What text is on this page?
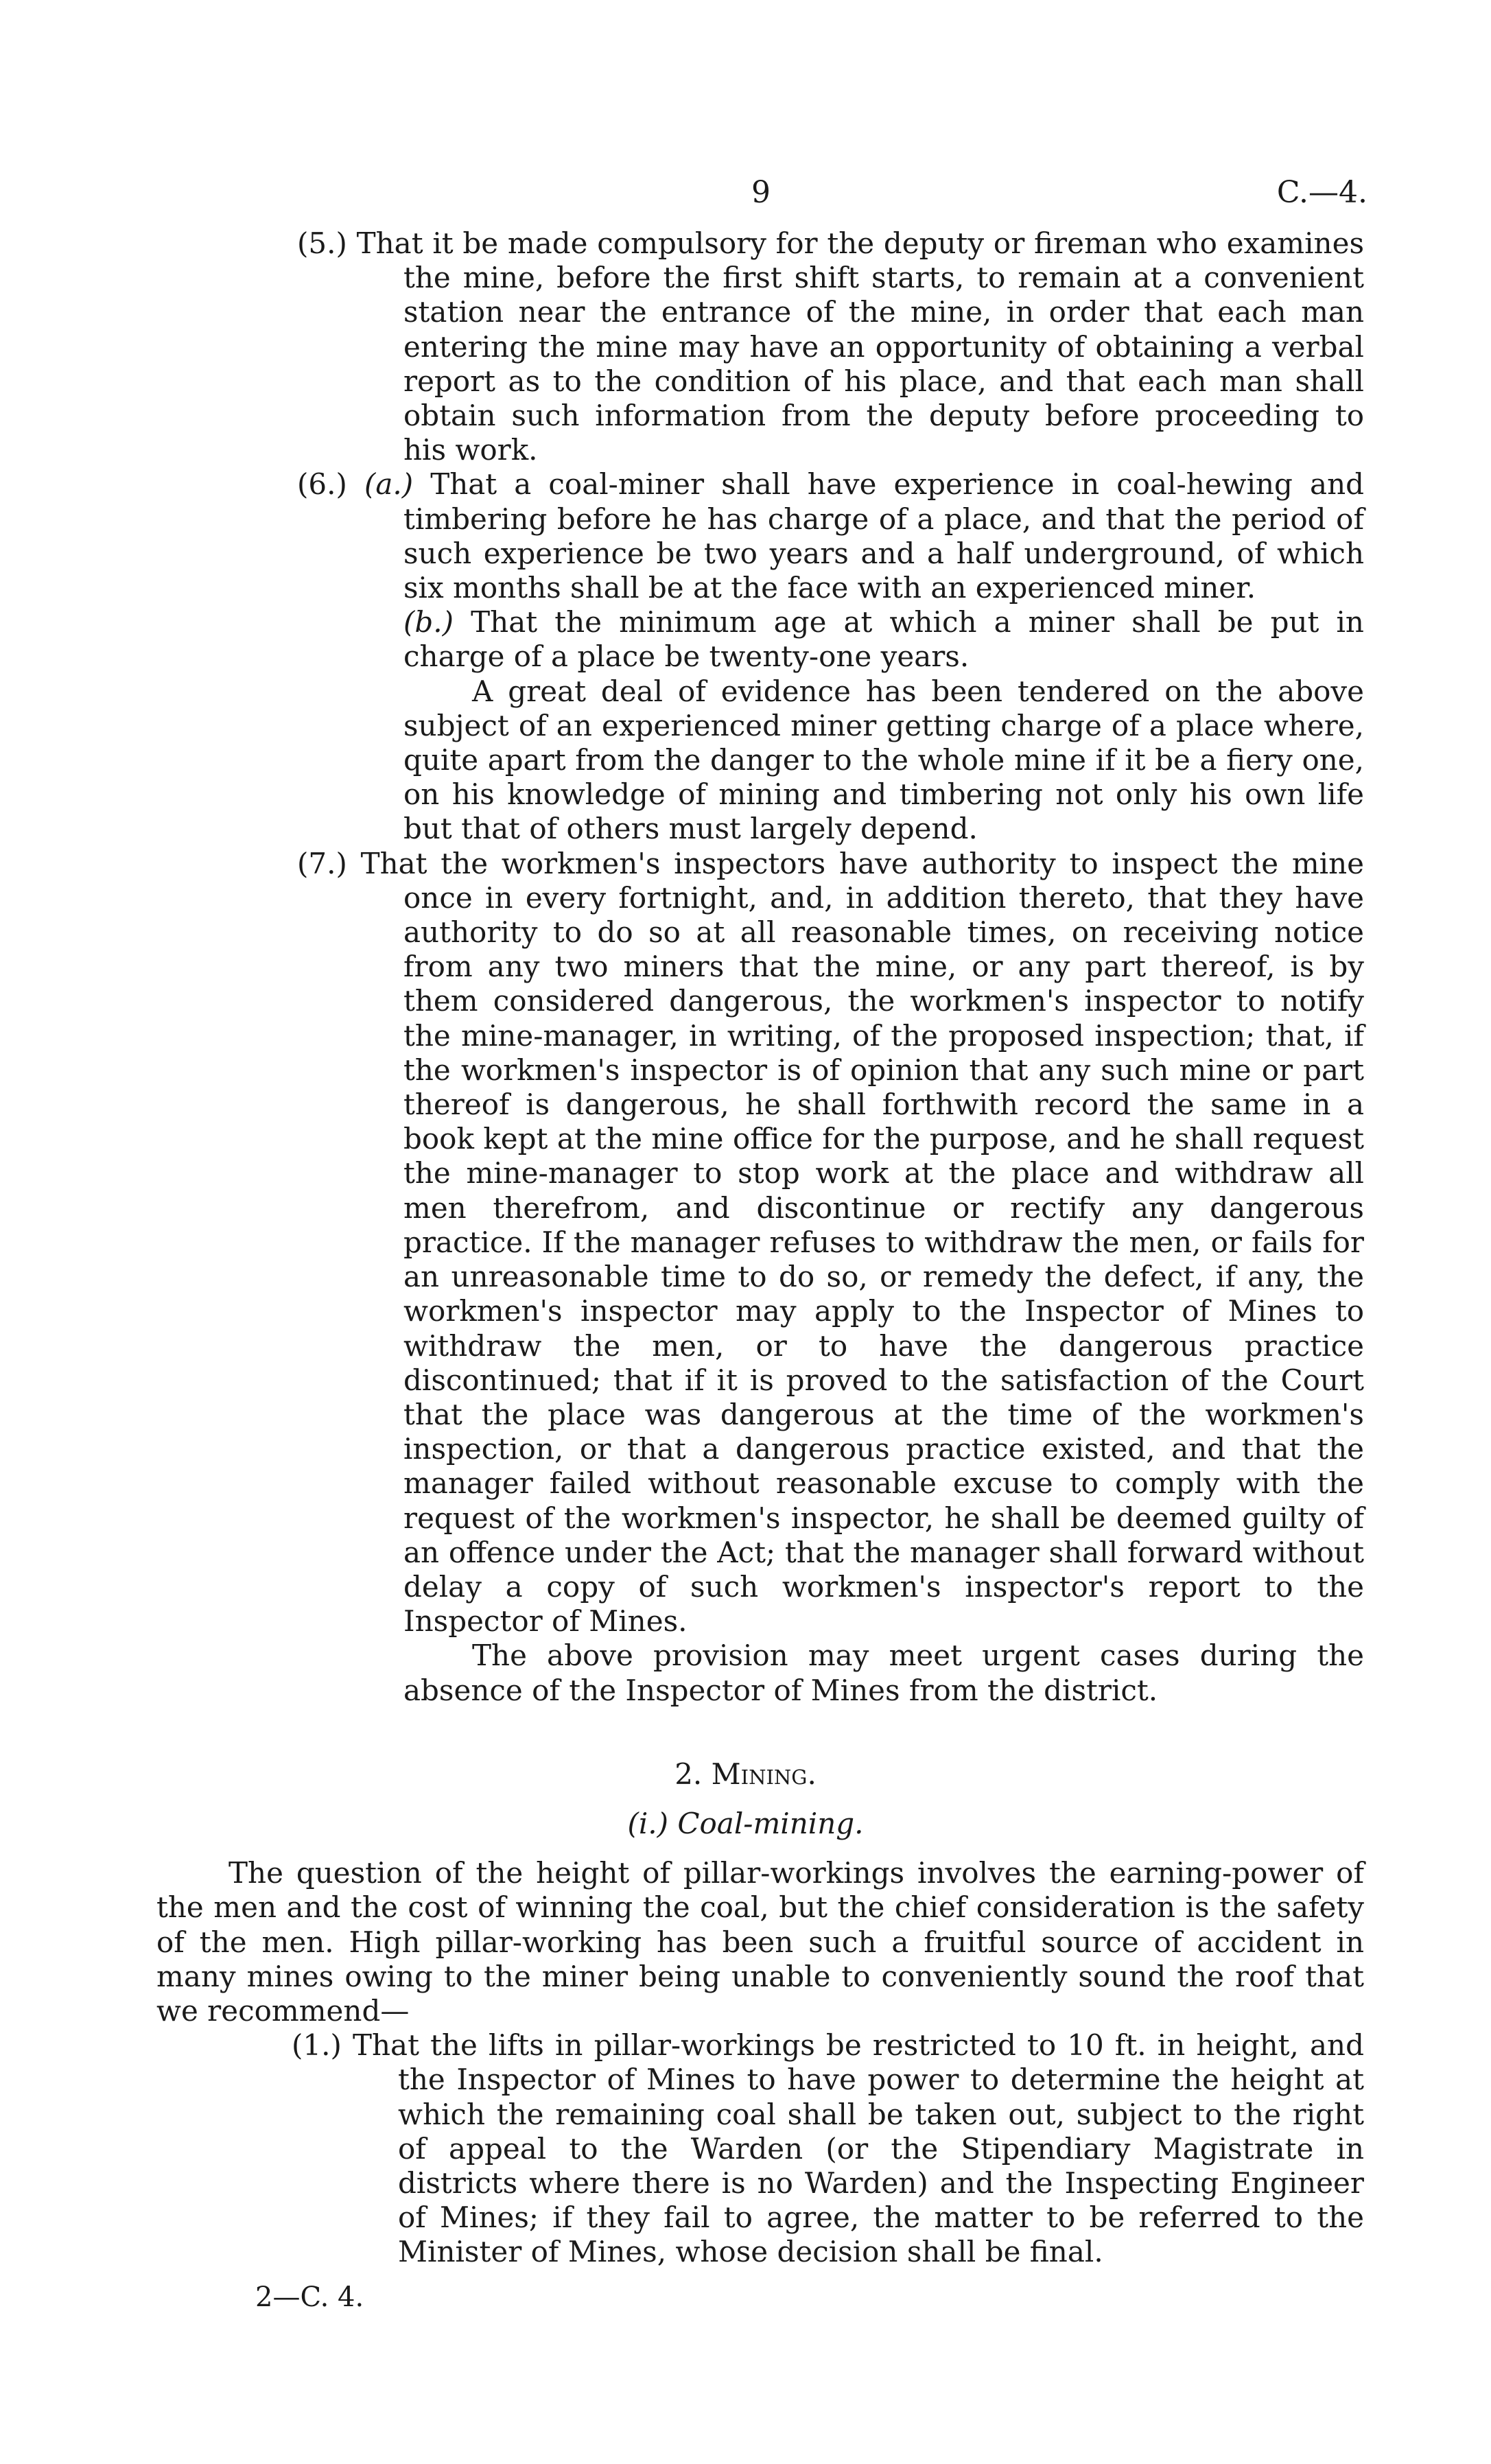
9	C.—4.

(5.) That it be made compulsory for the deputy or fireman who examines the mine, before the first shift starts, to remain at a convenient station near the entrance of the mine, in order that each man entering the mine may have an opportunity of obtaining a verbal report as to the condition of his place, and that each man shall obtain such information from the deputy before proceeding to his work.

(6.) (a.) That a coal-miner shall have experience in coal-hewing and timbering before he has charge of a place, and that the period of such experience be two years and a half underground, of which six months shall be at the face with an experienced miner.

(b.) That the minimum age at which a miner shall be put in charge of a place be twenty-one years.

A great deal of evidence has been tendered on the above subject of an experienced miner getting charge of a place where, quite apart from the danger to the whole mine if it be a fiery one, on his knowledge of mining and timbering not only his own life but that of others must largely depend.

(7.) That the workmen's inspectors have authority to inspect the mine once in every fortnight, and, in addition thereto, that they have authority to do so at all reasonable times, on receiving notice from any two miners that the mine, or any part thereof, is by them considered dangerous, the workmen's inspector to notify the mine-manager, in writing, of the proposed inspection; that, if the workmen's inspector is of opinion that any such mine or part thereof is dangerous, he shall forthwith record the same in a book kept at the mine office for the purpose, and he shall request the mine-manager to stop work at the place and withdraw all men therefrom, and discontinue or rectify any dangerous practice. If the manager refuses to withdraw the men, or fails for an unreasonable time to do so, or remedy the defect, if any, the workmen's inspector may apply to the Inspector of Mines to withdraw the men, or to have the dangerous practice discontinued; that if it is proved to the satisfaction of the Court that the place was dangerous at the time of the workmen's inspection, or that a dangerous practice existed, and that the manager failed without reasonable excuse to comply with the request of the workmen's inspector, he shall be deemed guilty of an offence under the Act; that the manager shall forward without delay a copy of such workmen's inspector's report to the Inspector of Mines.

The above provision may meet urgent cases during the absence of the Inspector of Mines from the district.

2. Mining.
(i.) Coal-mining.

The question of the height of pillar-workings involves the earning-power of the men and the cost of winning the coal, but the chief consideration is the safety of the men. High pillar-working has been such a fruitful source of accident in many mines owing to the miner being unable to conveniently sound the roof that we recommend—

(1.) That the lifts in pillar-workings be restricted to 10 ft. in height, and the Inspector of Mines to have power to determine the height at which the remaining coal shall be taken out, subject to the right of appeal to the Warden (or the Stipendiary Magistrate in districts where there is no Warden) and the Inspecting Engineer of Mines; if they fail to agree, the matter to be referred to the Minister of Mines, whose decision shall be final.

2—C. 4.
